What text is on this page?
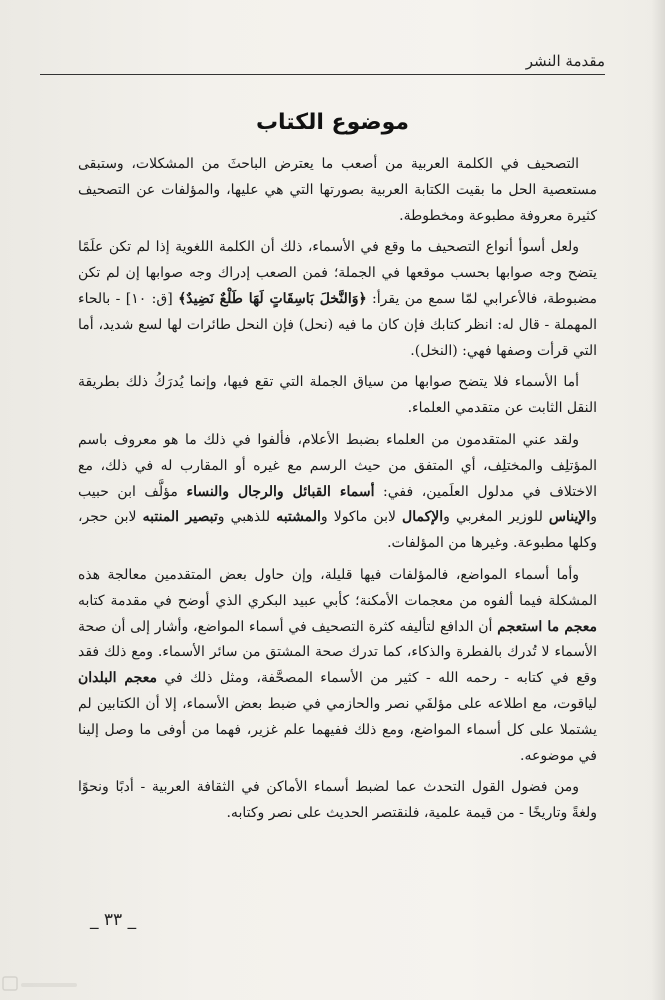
مقدمة النشر
موضوع الكتاب

التصحيف في الكلمة العربية من أصعب ما يعترض الباحثَ من المشكلات، وستبقى مستعصية الحل ما بقيت الكتابة العربية بصورتها التي هي عليها، والمؤلفات عن التصحيف كثيرة معروفة مطبوعة ومخطوطة.

ولعل أسوأ أنواع التصحيف ما وقع في الأسماء، ذلك أن الكلمة اللغوية إذا لم تكن علَمًا يتضح وجه صوابها بحسب موقعها في الجملة؛ فمن الصعب إدراك وجه صوابها إن لم تكن مضبوطة، فالأعرابي لمّا سمع من يقرأ: ﴿وَالنَّخلَ بَاسِقَاتٍ لَهَا طَلْعٌ نَضِيدٌ﴾ [ق: ١٠] - بالحاء المهملة - قال له: انظر كتابك فإن كان ما فيه (نحل) فإن النحل طائرات لها لسع شديد، أما التي قرأت وصفها فهي: (النخل).

أما الأسماء فلا يتضح صوابها من سياق الجملة التي تقع فيها، وإنما يُدرَكُ ذلك بطريقة النقل الثابت عن متقدمي العلماء.

ولقد عني المتقدمون من العلماء بضبط الأعلام، فألفوا في ذلك ما هو معروف باسم المؤتلِف والمختلِف، أي المتفق من حيث الرسم مع غيره أو المقارب له في ذلك، مع الاختلاف في مدلول العلَمين، ففي: أسماء القبائل والرجال والنساء مؤلَّف ابن حبيب والإيناس للوزير المغربي والإكمال لابن ماكولا والمشتبه للذهبي وتبصير المنتبه لابن حجر، وكلها مطبوعة. وغيرها من المؤلفات.

وأما أسماء المواضع، فالمؤلفات فيها قليلة، وإن حاول بعض المتقدمين معالجة هذه المشكلة فيما ألفوه من معجمات الأمكنة؛ كأبي عبيد البكري الذي أوضح في مقدمة كتابه معجم ما استعجم أن الدافع لتأليفه كثرة التصحيف في أسماء المواضع، وأشار إلى أن صحة الأسماء لا تُدرك بالفطرة والذكاء، كما تدرك صحة المشتق من سائر الأسماء. ومع ذلك فقد وقع في كتابه - رحمه الله - كثير من الأسماء المصحَّفة، ومثل ذلك في معجم البلدان لياقوت، مع اطلاعه على مؤلفَي نصر والحازمي في ضبط بعض الأسماء، إلا أن الكتابين لم يشتملا على كل أسماء المواضع، ومع ذلك ففيهما علم غزير، فهما من أوفى ما وصل إلينا في موضوعه.

ومن فضول القول التحدث عما لضبط أسماء الأماكن في الثقافة العربية - أدبًا ونحوًا ولغةً وتاريخًا - من قيمة علمية، فلنقتصر الحديث على نصر وكتابه.

_ ٣٣ _
